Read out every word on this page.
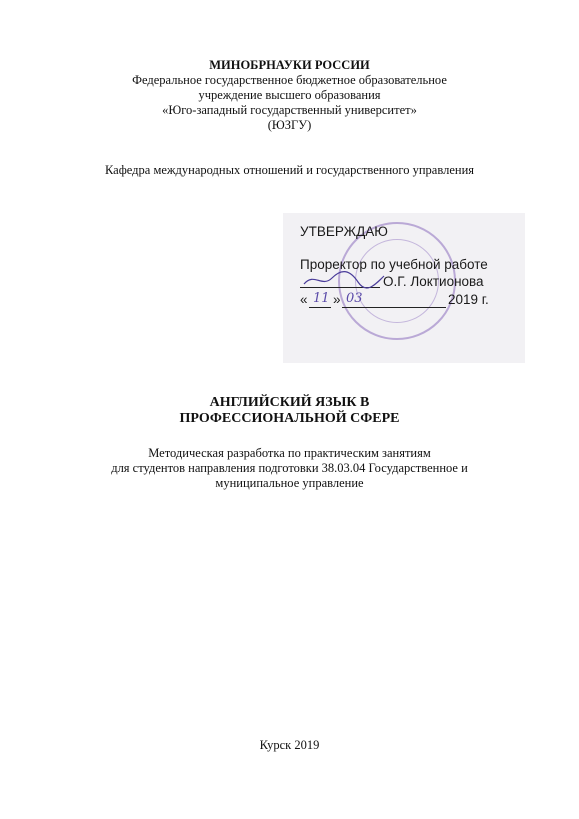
МИНОБРНАУКИ РОССИИ
Федеральное государственное бюджетное образовательное
учреждение высшего образования
«Юго-западный государственный университет»
(ЮЗГУ)
Кафедра международных отношений и государственного управления
УТВЕРЖДАЮ
Проректор по учебной работе
О.Г. Локтионова
« 11 » 03	2019 г.
АНГЛИЙСКИЙ ЯЗЫК В
ПРОФЕССИОНАЛЬНОЙ СФЕРЕ
Методическая разработка по практическим занятиям
для студентов направления подготовки 38.03.04 Государственное и
муниципальное управление
Курск 2019
